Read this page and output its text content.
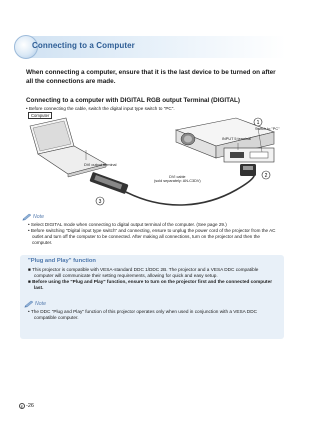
Connecting to a Computer
When connecting a computer, ensure that it is the last device to be turned on after all the connections are made.
Connecting to a computer with DIGITAL RGB output Terminal (DIGITAL)
• Before connecting the cable, switch the digital input type switch to "PC".
1
2
3
Computer
DVI output terminal
DVI cable
(sold separately: AN-C3DV)
INPUT 5 terminal
Switch to "PC"
Note
• Select DIGITAL mode when connecting to digital output terminal of the computer. (See page 29.)
• Before switching "Digital input type switch" and connecting, ensure to unplug the power cord of the projector from the AC outlet and turn off the computer to be connected. After making all connections, turn on the projector and then the computer.
"Plug and Play" function
■ This projector is compatible with VESA-standard DDC 1/DDC 2B. The projector and a VESA DDC compatible computer will communicate their setting requirements, allowing for quick and easy setup.
■ Before using the "Plug and Play" function, ensure to turn on the projector first and the connected computer last.
Note
• The DDC "Plug and Play" function of this projector operates only when used in conjunction with a VESA DDC compatible computer.
E -26
